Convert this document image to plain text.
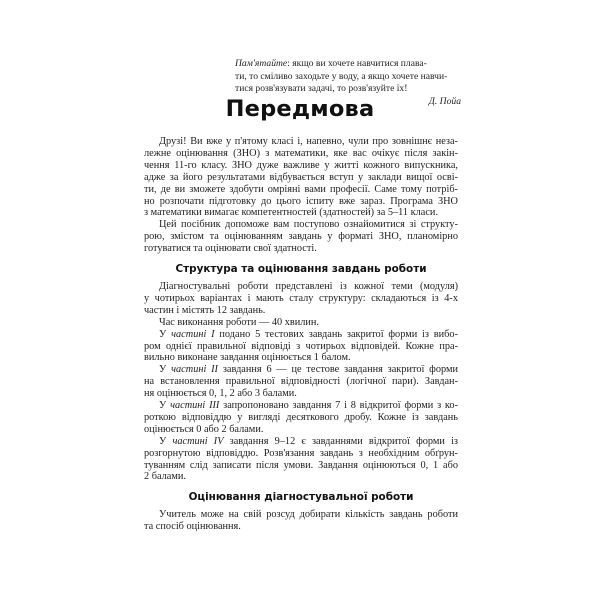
Пам'ятайте: якщо ви хочете навчитися плава-
ти, то сміливо заходьте у воду, а якщо хочете навчи-
тися розв'язувати задачі, то розв'язуйте їх!
Д. Пойа
Передмова

Друзі! Ви вже у п'ятому класі і, напевно, чули про зовнішнє неза-
лежне оцінювання (ЗНО) з математики, яке вас очікує після закін-
чення 11-го класу. ЗНО дуже важливе у житті кожного випускника,
адже за його результатами відбувається вступ у заклади вищої осві-
ти, де ви зможете здобути омріяні вами професії. Саме тому потріб-
но розпочати підготовку до цього іспиту вже зараз. Програма ЗНО
з математики вимагає компетентностей (здатностей) за 5–11 класи.

Цей посібник допоможе вам поступово ознайомитися зі структу-
рою, змістом та оцінюванням завдань у форматі ЗНО, планомірно
готуватися та оцінювати свої здатності.

Структура та оцінювання завдань роботи

Діагностувальні роботи представлені із кожної теми (модуля)
у чотирьох варіантах і мають сталу структуру: складаються із 4-х
частин і містять 12 завдань.

Час виконання роботи — 40 хвилин.

У частині I подано 5 тестових завдань закритої форми із вибо-
ром однієї правильної відповіді з чотирьох відповідей. Кожне пра-
вильно виконане завдання оцінюється 1 балом.

У частині II завдання 6 — це тестове завдання закритої форми
на встановлення правильної відповідності (логічної пари). Завдан-
ня оцінюється 0, 1, 2 або 3 балами.

У частині III запропоновано завдання 7 і 8 відкритої форми з ко-
роткою відповіддю у вигляді десяткового дробу. Кожне із завдань
оцінюється 0 або 2 балами.

У частині IV завдання 9–12 є завданнями відкритої форми із
розгорнутою відповіддю. Розв'язання завдань з необхідним обґрун-
туванням слід записати після умови. Завдання оцінюються 0, 1 або
2 балами.

Оцінювання діагностувальної роботи

Учитель може на свій розсуд добирати кількість завдань роботи
та спосіб оцінювання.
